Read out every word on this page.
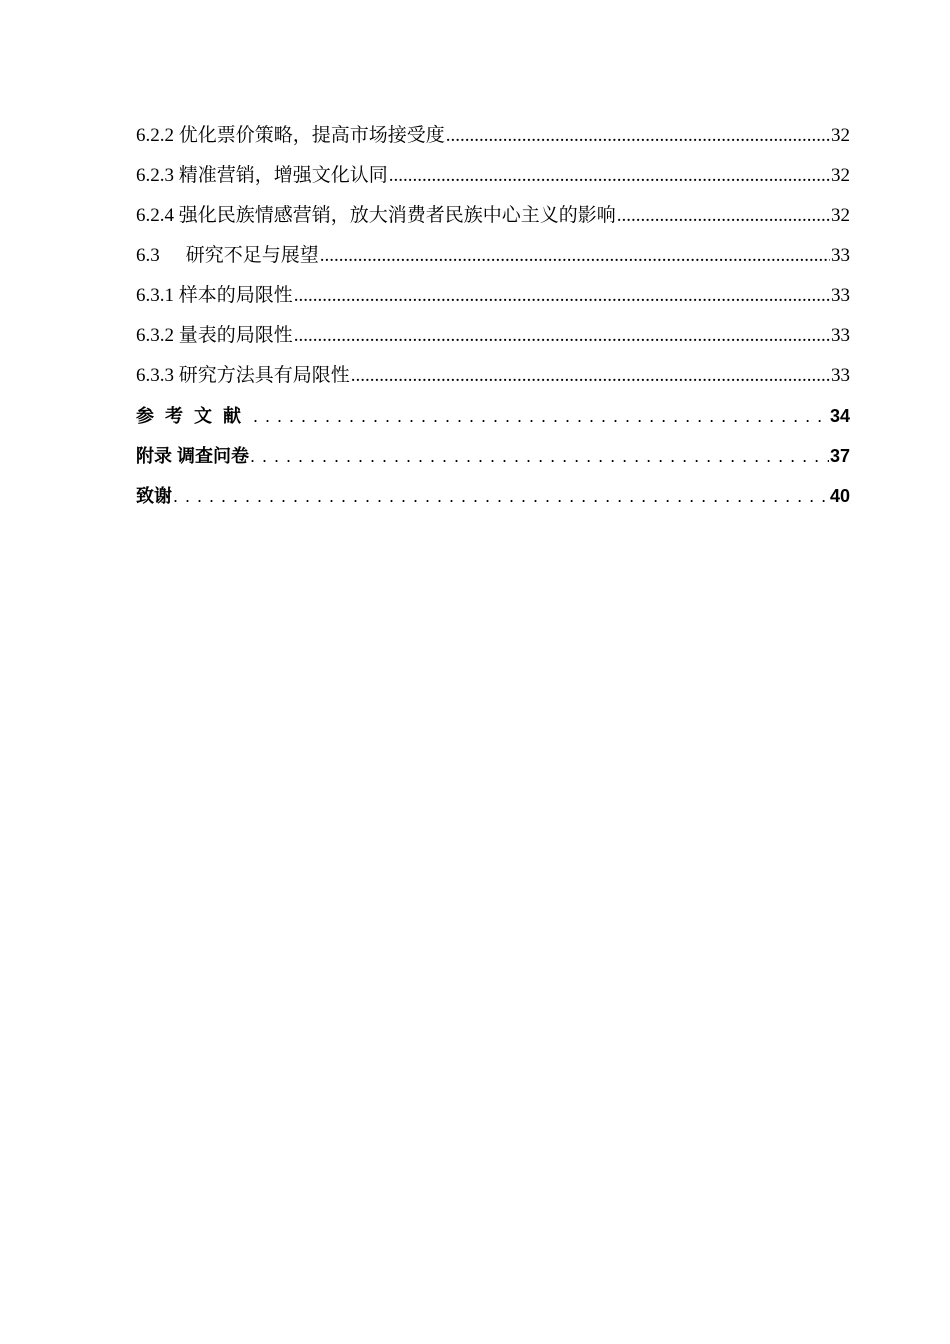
6.2.2 优化票价策略，提高市场接受度 .....	32
6.2.3 精准营销，增强文化认同 .....	32
6.2.4 强化民族情感营销，放大消费者民族中心主义的影响 .....	32
6.3 研究不足与展望 .....	33
6.3.1 样本的局限性 .....	33
6.3.2 量表的局限性 .....	33
6.3.3 研究方法具有局限性 .....	33
参考文献 . . .	34
附录 调查问卷 . . .	37
致谢 . . .	40
